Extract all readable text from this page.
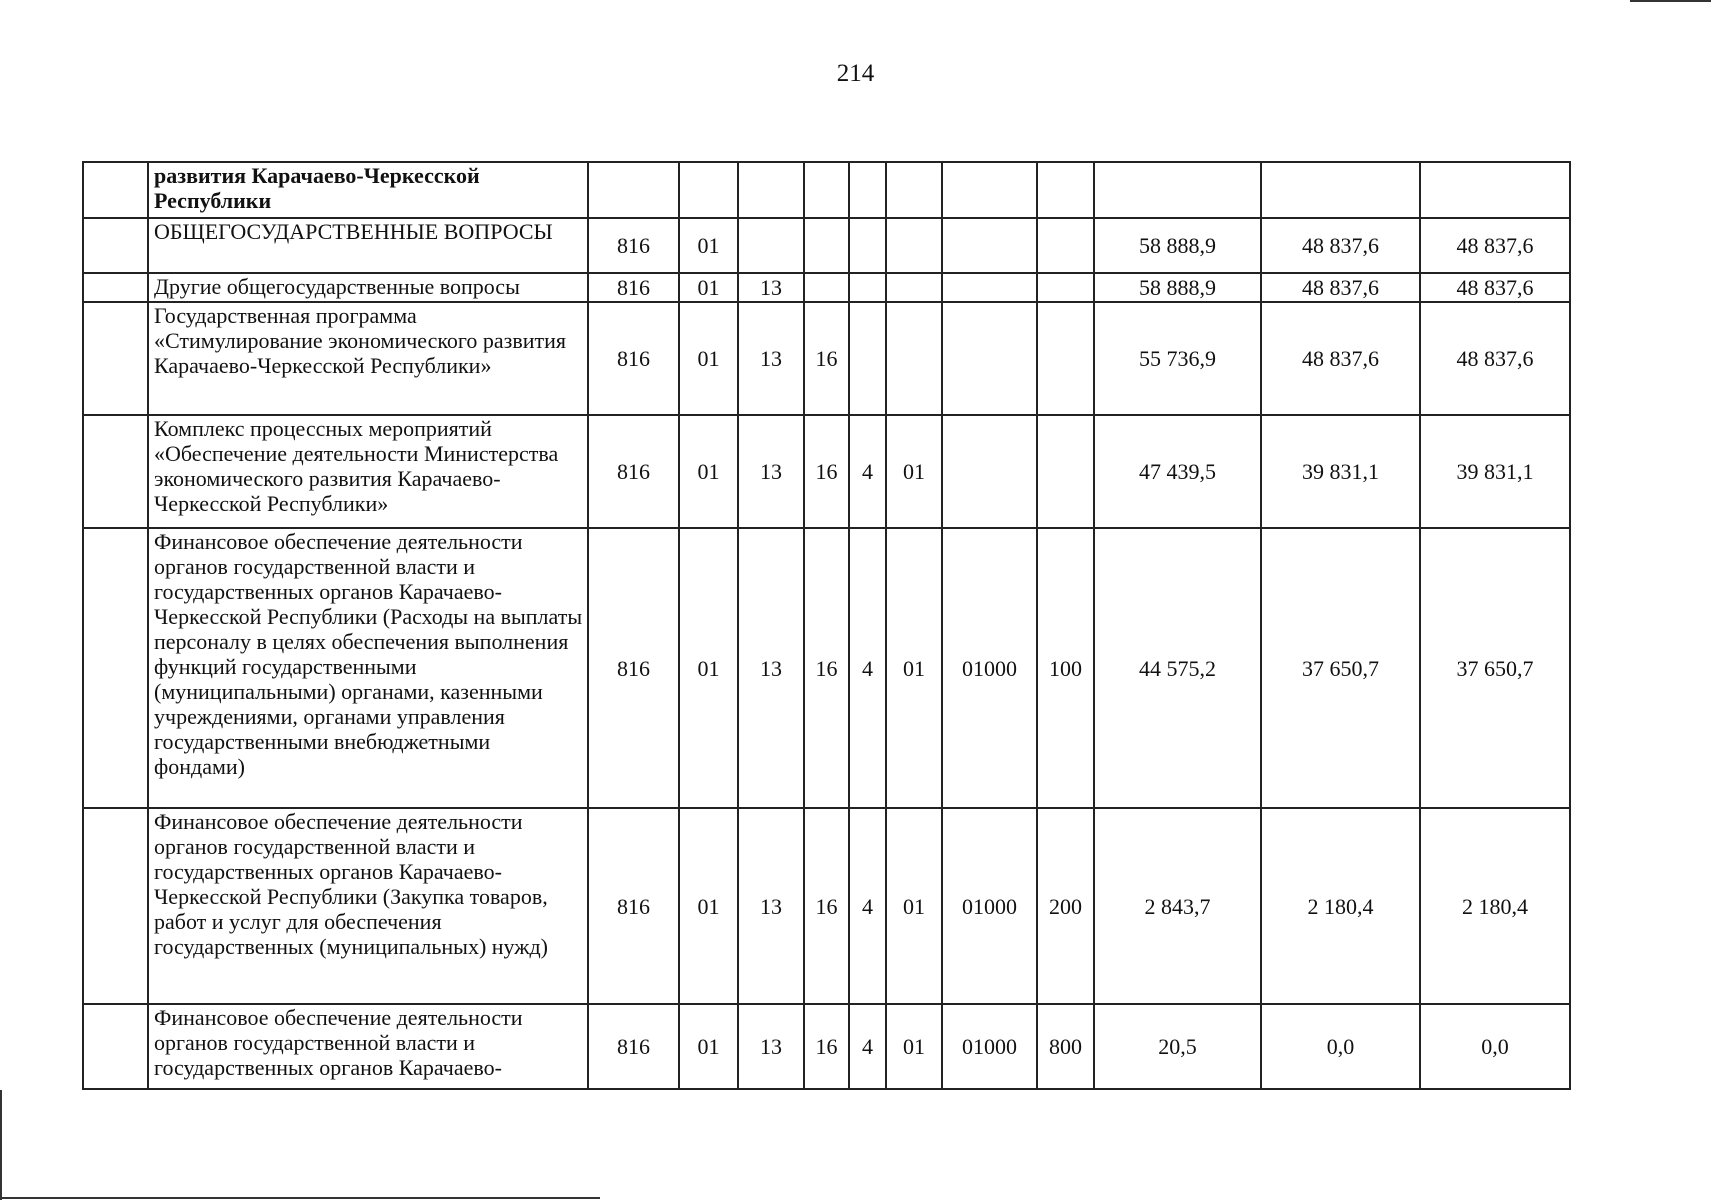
214
	развития Карачаево-Черкесской Республики											
	ОБЩЕГОСУДАРСТВЕННЫЕ ВОПРОСЫ	816	01							58 888,9	48 837,6	48 837,6
	Другие общегосударственные вопросы	816	01	13						58 888,9	48 837,6	48 837,6
	Государственная программа «Стимулирование экономического развития Карачаево-Черкесской Республики»	816	01	13	16					55 736,9	48 837,6	48 837,6
	Комплекс процессных мероприятий «Обеспечение деятельности Министерства экономического развития Карачаево-Черкесской Республики»	816	01	13	16	4	01			47 439,5	39 831,1	39 831,1
	Финансовое обеспечение деятельности органов государственной власти и государственных органов Карачаево-Черкесской Республики (Расходы на выплаты персоналу в целях обеспечения выполнения функций государственными (муниципальными) органами, казенными учреждениями, органами управления государственными внебюджетными фондами)	816	01	13	16	4	01	01000	100	44 575,2	37 650,7	37 650,7
	Финансовое обеспечение деятельности органов государственной власти и государственных органов Карачаево-Черкесской Республики (Закупка товаров, работ и услуг для обеспечения государственных (муниципальных) нужд)	816	01	13	16	4	01	01000	200	2 843,7	2 180,4	2 180,4
	Финансовое обеспечение деятельности органов государственной власти и государственных органов Карачаево-	816	01	13	16	4	01	01000	800	20,5	0,0	0,0
